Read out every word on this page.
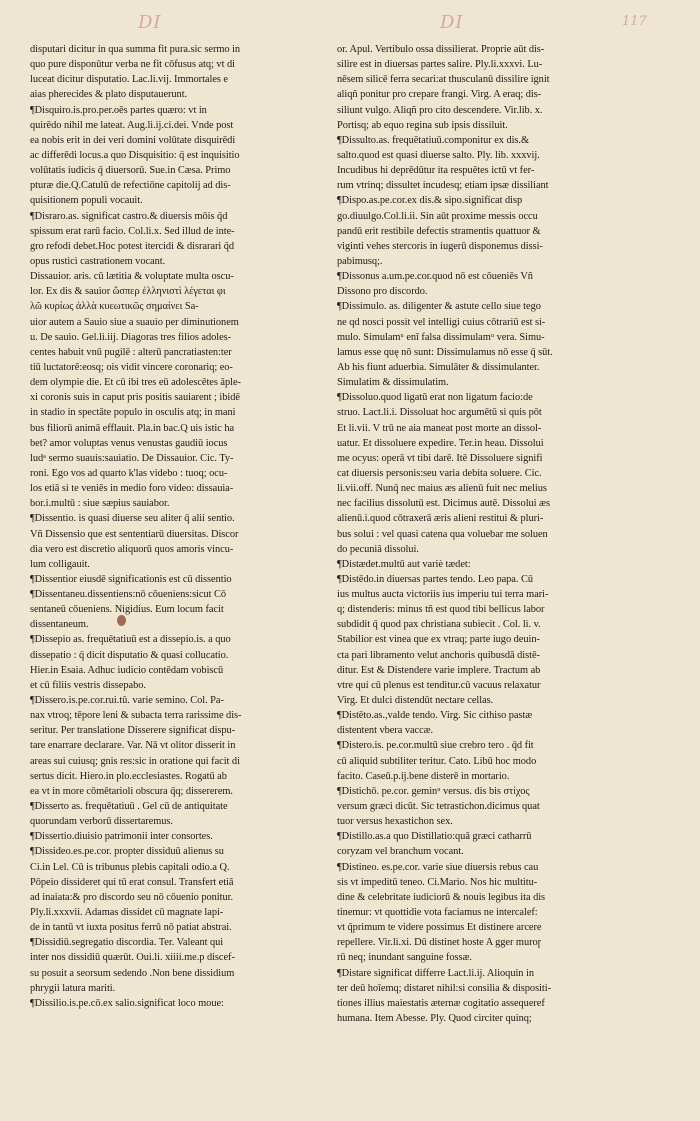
DI	DI	117
disputari dicitur in qua summa fit pura.sic sermo in
quo pure disponūtur verba ne fit cōfusus atq; vt di
luceat dicitur disputatio. Lac.li.vij. Immortales e
aias pherecides & plato disputauerunt.
¶Disquiro.is.pro.per.oēs partes quæro: vt in
quirēdo nihil me lateat. Aug.li.ij.ci.dei. Vnde post
ea nobis erit in dei veri domini volūtate disquirēdi
ac differēdi locus.a quo Disquisitio: q̄ est inquisitio
volūtatis iudicis q̄ diuersorū. Sue.in Cæsa. Primo
pturæ die.Q.Catulū de refectiōne capitolij ad dis-
quisitionem populi vocauit.
¶Disraro.as. significat castro.& diuersis mōis q̄d
spissum erat rarū facio. Col.li.x. Sed illud de inte-
gro refodi debet.Hoc potest itercidi & disrarari q̄d
opus rustici castrationem vocant.
Dissauior. aris. cū lætitia & voluptate multa oscu-
lor. Ex dis & sauior ὥσπερ ἐλληνιστὶ λέγεται φι
λῶ κυρίως ἀλλὰ κυεωτικῶς σημαίνει Sa-
uior autem a Sauio siue a suauio per diminutionem
u. De sauio. Gel.li.iij. Diagoras tres filios adoles-
centes habuit vnū pugilē : alterū pancratiasten:ter
tiū luctatorē:eosq; ois vidit vincere coronariq; eo-
dem olympie die. Et cū ibi tres eū adolescētes āple-
xi coronis suis in caput pris positis sauiarent ; ibidē
in stadio in spectāte populo in osculis atq; in mani
bus filiorū animā efflauit. Pla.in bac.Q uis istic ha
bet? amor voluptas venus venustas gaudiū iocus
ludᵃ sermo suauis:sauiatio. De Dissauior. Cic. Ty-
roni. Ego vos ad quarto k'las videbo : tuoq; ocu-
los etiā si te veniēs in medio foro video: dissauia-
bor.i.multū : siue sæpius sauiabor.
¶Dissentio. is quasi diuerse seu aliter q̄ alii sentio.
Vñ Dissensio que est sententiarū diuersitas. Discor
dia vero est discretio aliquorū quos amoris vincu-
lum colligauit.
¶Dissentior eiusdē significationis est cū dissentio
¶Dissentaneu.dissentiens:nō cōueniens:sicut Cō
sentaneū cōueniens. Nigidius. Eum locum facit
dissentaneum.
¶Dissepio as. frequētatiuū est a dissepio.is. a quo
dissepatio : q̄ dicit disputatio & quasi collucatio.
Hier.in Esaia. Adhuc iudicio contēdam vobiscū
et cū filiis vestris dissepabo.
¶Dissero.is.pe.cor.rui.tū. varie semino. Col. Pa-
nax vtroq; tēpore leni & subacta terra rarissime dis-
seritur. Per translatione Disserere significat dispu-
tare enarrare declarare. Var. Nā vt olitor disserit in
areas sui cuiusq; gnis res:sic in oratione qui facit di
sertus dicit. Hiero.in plo.ecclesiastes. Rogatū ab
ea vt in more cōmētarioli obscura q̄q; dissererem.
¶Disserto as. frequētatiuū . Gel cū de antiquitate
quorundam verborū dissertaremus.
¶Dissertio.diuisio patrimonii inter consortes.
¶Dissideo.es.pe.cor. propter dissiduū alienus su
Ci.in Lel. Cū is tribunus plebis capitali odio.a Q.
Pōpeio dissideret qui tū erat consul. Transfert etiā
ad inaiata:& pro discordo seu nō cōuenio ponitur.
Ply.li.xxxvii. Adamas dissidet cū magnate lapi-
de in tantū vt iuxta positus ferrū nō patiat abstrai.
¶Dissidiū.segregatio discordia. Ter. Valeant qui
inter nos dissidiū quærūt. Oui.li. xiiii.me.p discef-
su posuit a seorsum sedendo .Non bene dissidium
phrygii latura mariti.
¶Dissilio.is.pe.cō.ex salio.significat loco moue:
or. Apul. Vertibulo ossa dissilierat. Proprie aūt dis-
silire est in diuersas partes salire. Ply.li.xxxvi. Lu-
nēsem silicē ferra secari:at thusculanū dissilire ignit
aliqñ ponitur pro crepare frangi. Virg. A eraq; dis-
siliunt vulgo. Aliqñ pro cito descendere. Vir.lib. x.
Portisq; ab equo regina sub ipsis dissiluit.
¶Dissulto.as. frequētatiuū.componitur ex dis.&
salto.quod est quasi diuerse salto. Ply. lib. xxxvij.
Incudibus hi deprēdūtur ita respuētes ictū vt fer-
rum vtrinq; dissultet incudesq; etiam ipsæ dissiliant
¶Dispo.as.pe.cor.ex dis.& sipo.significat disp
go.diuulgo.Col.li.ii. Sin aūt proxime messis occu
pandū erit restibile defectis stramentis quattuor &
viginti vehes stercoris in iugerū disponemus dissi-
pabimusq;.
¶Dissonus a.um.pe.cor.quod nō est cōueniēs Vñ
Dissono pro discordo.
¶Dissimulo. as. diligenter & astute cello siue tego
ne qd nosci possit vel intelligi cuius cōtrariū est si-
mulo. Simulamᵘ enī falsa dissimulamᵘ vera. Simu-
lamus esse quę nō sunt: Dissimulamus nō esse q̄ sūt.
Ab his fiunt aduerbia. Simulāter & dissimulanter.
Simulatim & dissimulatim.
¶Dissoluo.quod ligatū erat non ligatum facio:de
struo. Lact.li.i. Dissoluat hoc argumētū si quis pōt
Et li.vii. V trū ne aia maneat post morte an dissol-
uatur. Et dissoluere expedire. Ter.in heau. Dissolui
me ocyus: operā vt tibi darē. Itē Dissoluere signifi
cat diuersis personis:seu varia debita soluere. Cic.
li.vii.off. Nunq̄ nec maius æs alienū fuit nec melius
nec facilius dissolutū est. Dicimus autē. Dissolui æs
alienū.i.quod cōtraxerā æris alieni restitui & pluri-
bus solui : vel quasi catena qua voluebar me soluen
do pecuniā dissolui.
¶Distædet.multū aut variè tædet:
¶Distēdo.in diuersas partes tendo. Leo papa. Cū
ius multus aucta victoriis ius imperiu tui terra mari-
q; distenderis: minus tñ est quod tibi bellicus labor
subdidit q̄ quod pax christiana subiecit . Col. li. v.
Stabilior est vinea que ex vtraq; parte iugo deuin-
cta pari libramento velut anchoris quibusdā distē-
ditur. Est & Distendere varie implere. Tractum ab
vtre qui cū plenus est tenditur.cū vacuus relaxatur
Virg. Et dulci distendūt nectare cellas.
¶Distēto.as.,valde tendo. Virg. Sic cithiso pastæ
distentent vbera vaccæ.
¶Distero.is. pe.cor.multū siue crebro tero . q̄d fit
cū aliquid subtiliter teritur. Cato. Libū hoc modo
facito. Caseū.p.ij.bene disterē in mortario.
¶Distichō. pe.cor. geminᵘ versus. dis bis στίχος
versum græci dicūt. Sic tetrastichon.dicimus quat
tuor versus hexastichon sex.
¶Distillo.as.a quo Distillatio:quā græci catharrū
coryzam vel branchum vocant.
¶Distineo. es.pe.cor. varie siue diuersis rebus cau
sis vt impeditū teneo. Ci.Mario. Nos hic multitu-
dine & celebritate iudiciorū & nouis legibus ita dis
tinemur: vt quottidie vota faciamus ne intercalef:
vt q̄primum te videre possimus Et distinere arcere
repellere. Vir.li.xi. Dū distinet hoste A gger muroɼ
rū neq; inundant sanguine fossæ.
¶Distare significat differre Lact.li.ij. Alioquin in
ter deū hoīemq; distaret nihil:si consilia & dispositi-
tiones illius maiestatis æternæ cogitatio assequeref
humana. Item Abesse. Ply. Quod circiter quinq;
